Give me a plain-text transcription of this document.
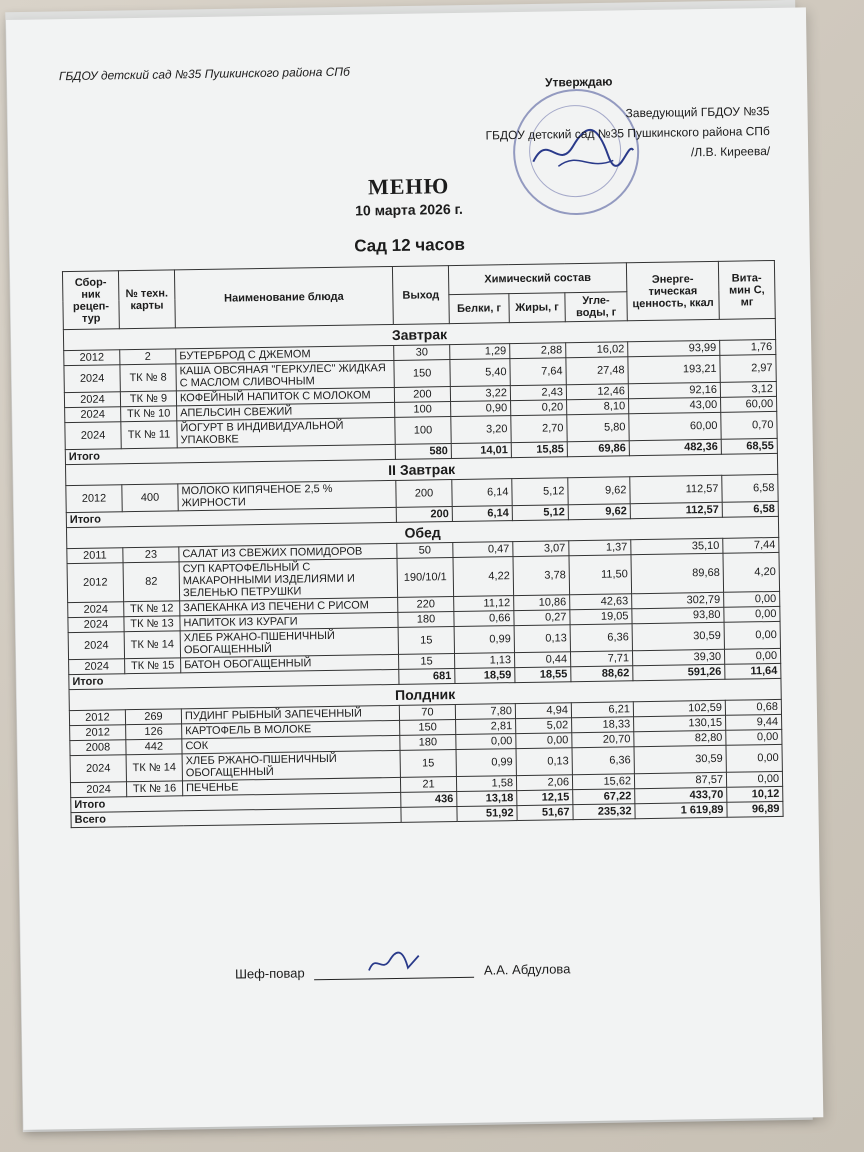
ГБДОУ детский сад №35 Пушкинского района СПб	Утверждаю
Заведующий ГБДОУ №35
ГБДОУ детский сад №35 Пушкинского района СПб
/Л.В. Киреева/
МЕНЮ
10 марта 2026 г.
Сад 12 часов
Сбор-ник рецеп-тур	№ техн. карты	Наименование блюда	Выход	Химический состав			Энерге-тическая ценность, ккал	Вита-мин С, мг
				Белки, г	Жиры, г	Угле-воды, г		
Завтрак								
2012	2	БУТЕРБРОД С ДЖЕМОМ	30	1,29	2,88	16,02	93,99	1,76
2024	ТК № 8	КАША ОВСЯНАЯ "ГЕРКУЛЕС" ЖИДКАЯ С МАСЛОМ СЛИВОЧНЫМ	150	5,40	7,64	27,48	193,21	2,97
2024	ТК № 9	КОФЕЙНЫЙ НАПИТОК С МОЛОКОМ	200	3,22	2,43	12,46	92,16	3,12
2024	ТК № 10	АПЕЛЬСИН СВЕЖИЙ	100	0,90	0,20	8,10	43,00	60,00
2024	ТК № 11	ЙОГУРТ В ИНДИВИДУАЛЬНОЙ УПАКОВКЕ	100	3,20	2,70	5,80	60,00	0,70
Итого			580	14,01	15,85	69,86	482,36	68,55
II Завтрак								
2012	400	МОЛОКО КИПЯЧЕНОЕ 2,5 % ЖИРНОСТИ	200	6,14	5,12	9,62	112,57	6,58
Итого			200	6,14	5,12	9,62	112,57	6,58
Обед								
2011	23	САЛАТ ИЗ СВЕЖИХ ПОМИДОРОВ	50	0,47	3,07	1,37	35,10	7,44
2012	82	СУП КАРТОФЕЛЬНЫЙ С МАКАРОННЫМИ ИЗДЕЛИЯМИ И ЗЕЛЕНЬЮ ПЕТРУШКИ	190/10/1	4,22	3,78	11,50	89,68	4,20
2024	ТК № 12	ЗАПЕКАНКА ИЗ ПЕЧЕНИ С РИСОМ	220	11,12	10,86	42,63	302,79	0,00
2024	ТК № 13	НАПИТОК ИЗ КУРАГИ	180	0,66	0,27	19,05	93,80	0,00
2024	ТК № 14	ХЛЕБ РЖАНО-ПШЕНИЧНЫЙ ОБОГАЩЕННЫЙ	15	0,99	0,13	6,36	30,59	0,00
2024	ТК № 15	БАТОН ОБОГАЩЕННЫЙ	15	1,13	0,44	7,71	39,30	0,00
Итого			681	18,59	18,55	88,62	591,26	11,64
Полдник								
2012	269	ПУДИНГ РЫБНЫЙ ЗАПЕЧЕННЫЙ	70	7,80	4,94	6,21	102,59	0,68
2012	126	КАРТОФЕЛЬ В МОЛОКЕ	150	2,81	5,02	18,33	130,15	9,44
2008	442	СОК	180	0,00	0,00	20,70	82,80	0,00
2024	ТК № 14	ХЛЕБ РЖАНО-ПШЕНИЧНЫЙ ОБОГАЩЕННЫЙ	15	0,99	0,13	6,36	30,59	0,00
2024	ТК № 16	ПЕЧЕНЬЕ	21	1,58	2,06	15,62	87,57	0,00
Итого			436	13,18	12,15	67,22	433,70	10,12
Всего				51,92	51,67	235,32	1 619,89	96,89
Шеф-повар	А.А. Абдулова
